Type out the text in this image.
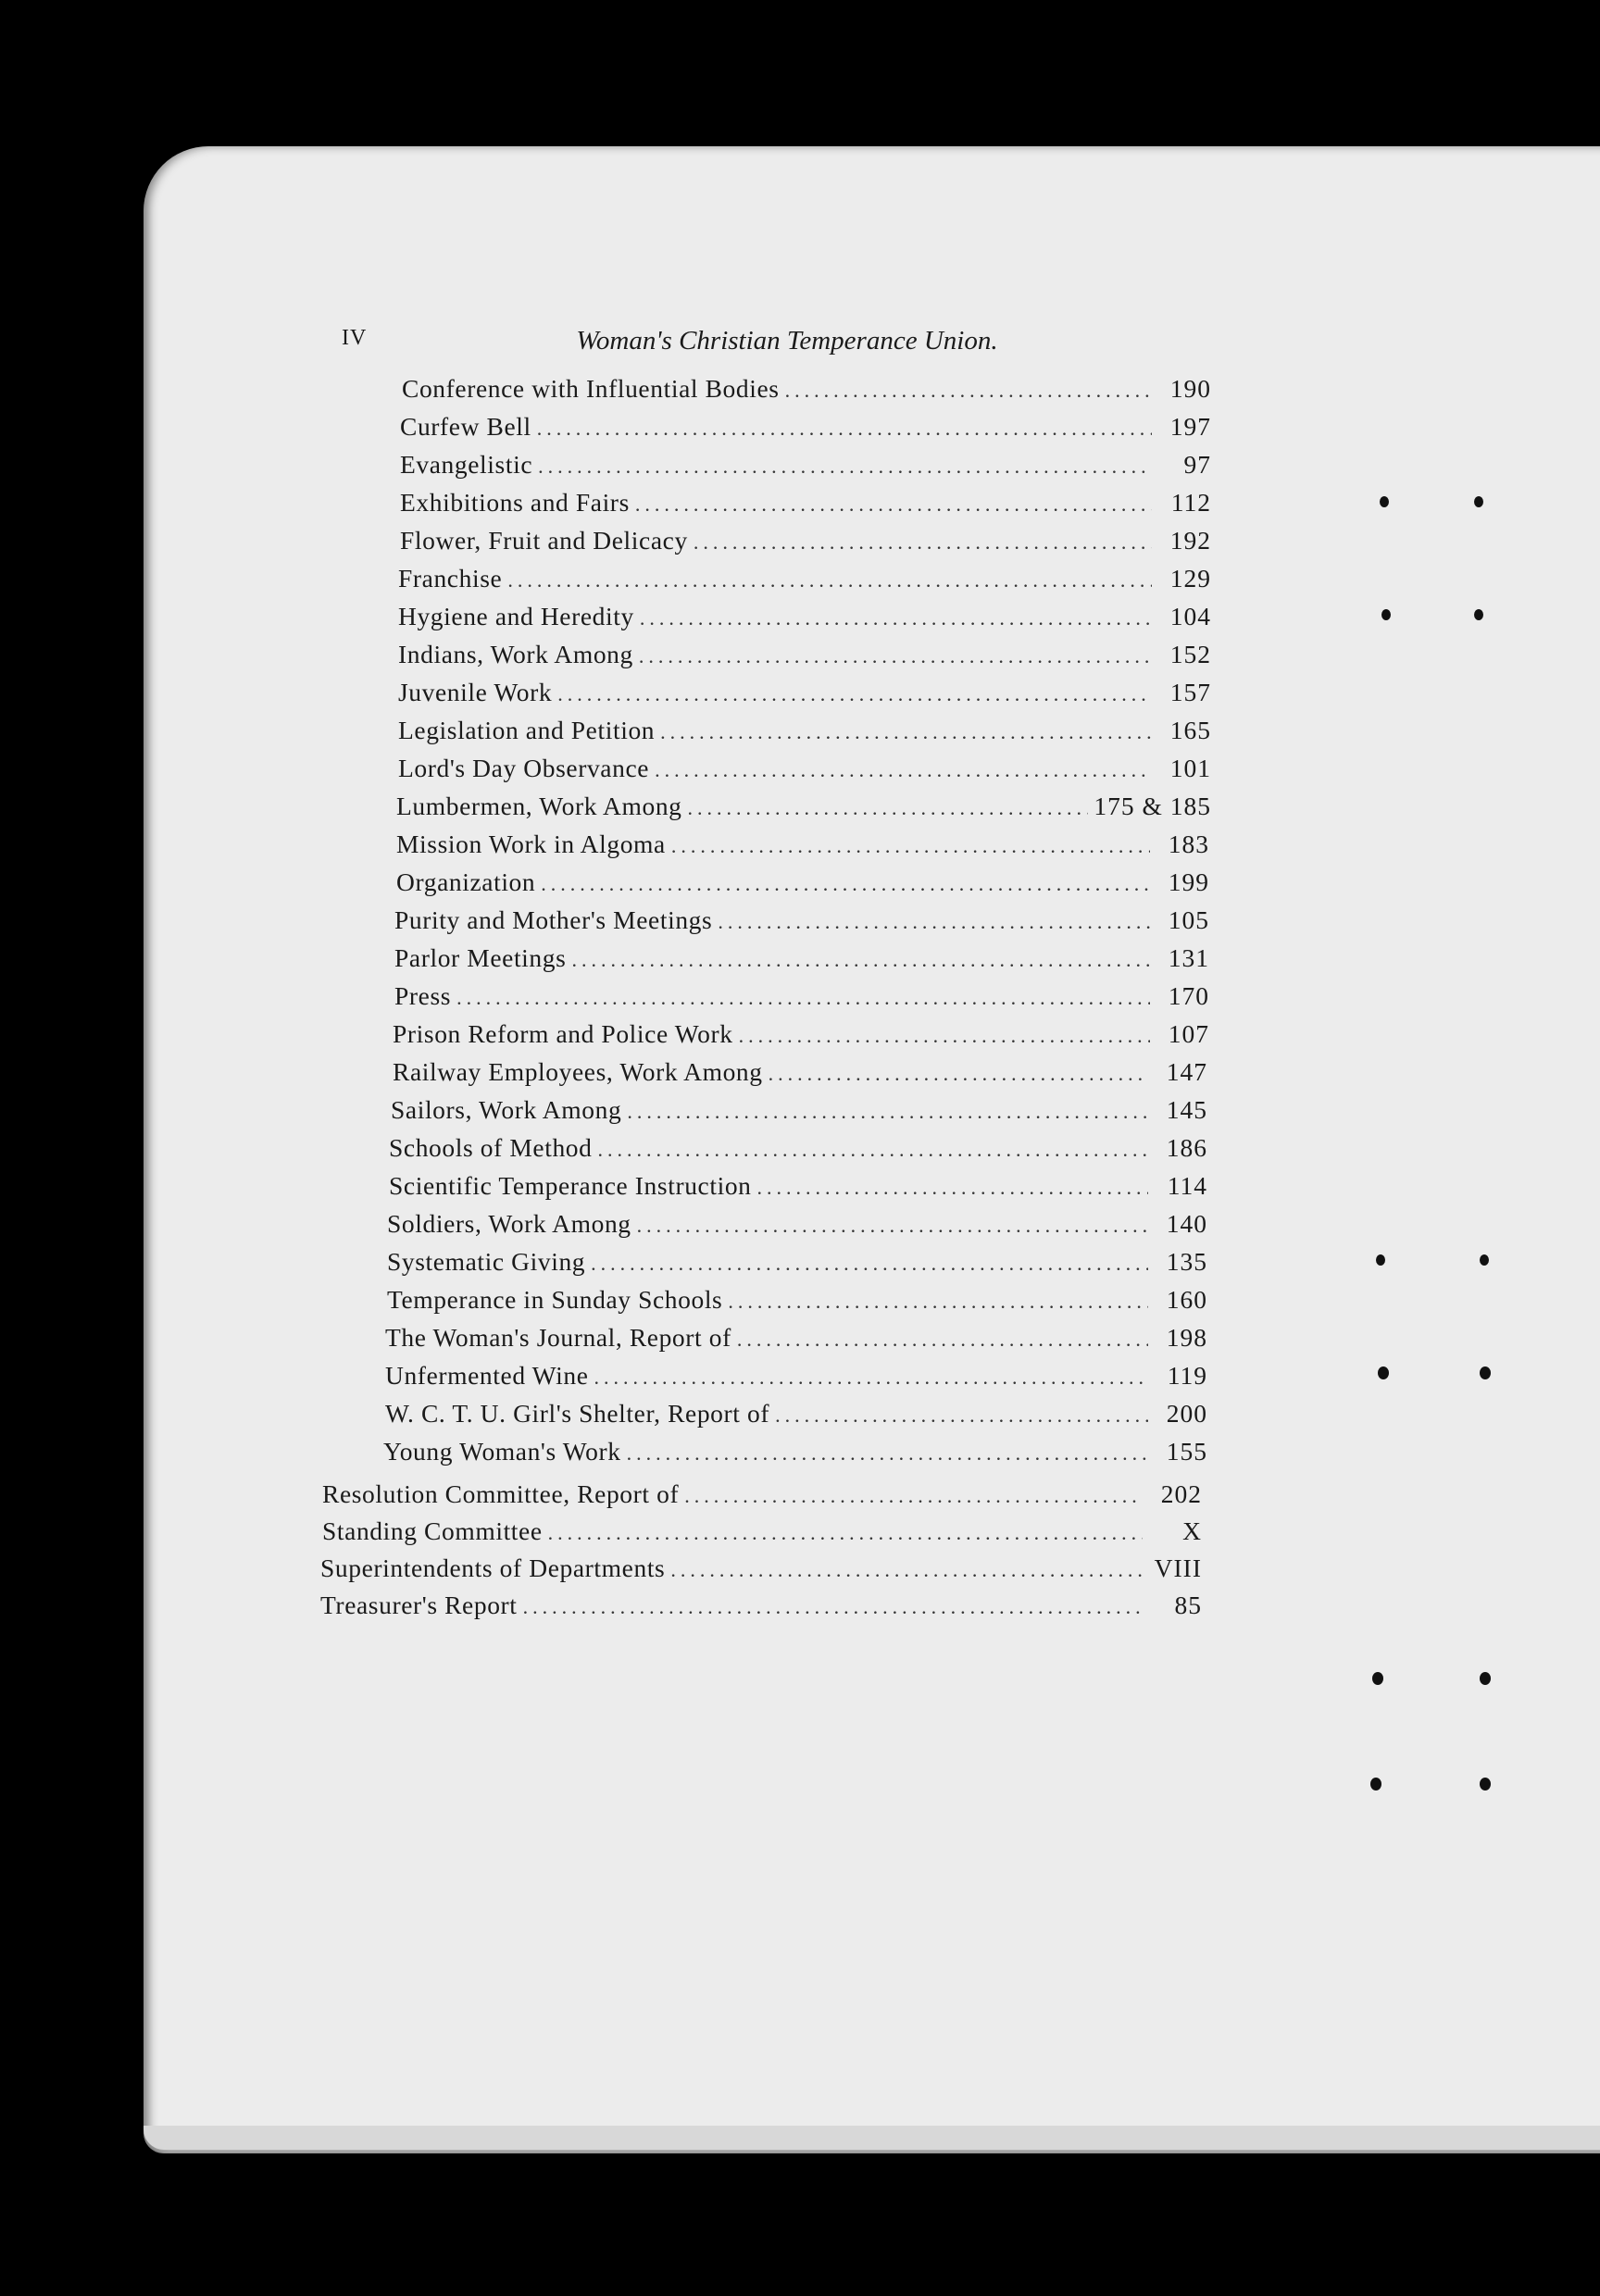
IV	Woman's Christian Temperance Union.
Conference with Influential Bodies .....	190
Curfew Bell .....	197
Evangelistic .....	97
Exhibitions and Fairs .....	112
Flower, Fruit and Delicacy .....	192
Franchise .....	129
Hygiene and Heredity .....	104
Indians, Work Among .....	152
Juvenile Work .....	157
Legislation and Petition .....	165
Lord's Day Observance .....	101
Lumbermen, Work Among .....	175 & 185
Mission Work in Algoma .....	183
Organization .....	199
Purity and Mother's Meetings .....	105
Parlor Meetings .....	131
Press .....	170
Prison Reform and Police Work .....	107
Railway Employees, Work Among .....	147
Sailors, Work Among .....	145
Schools of Method .....	186
Scientific Temperance Instruction .....	114
Soldiers, Work Among .....	140
Systematic Giving .....	135
Temperance in Sunday Schools .....	160
The Woman's Journal, Report of .....	198
Unfermented Wine .....	119
W. C. T. U. Girl's Shelter, Report of .....	200
Young Woman's Work .....	155
Resolution Committee, Report of .....	202
Standing Committee .....	X
Superintendents of Departments .....	VIII
Treasurer's Report .....	85
